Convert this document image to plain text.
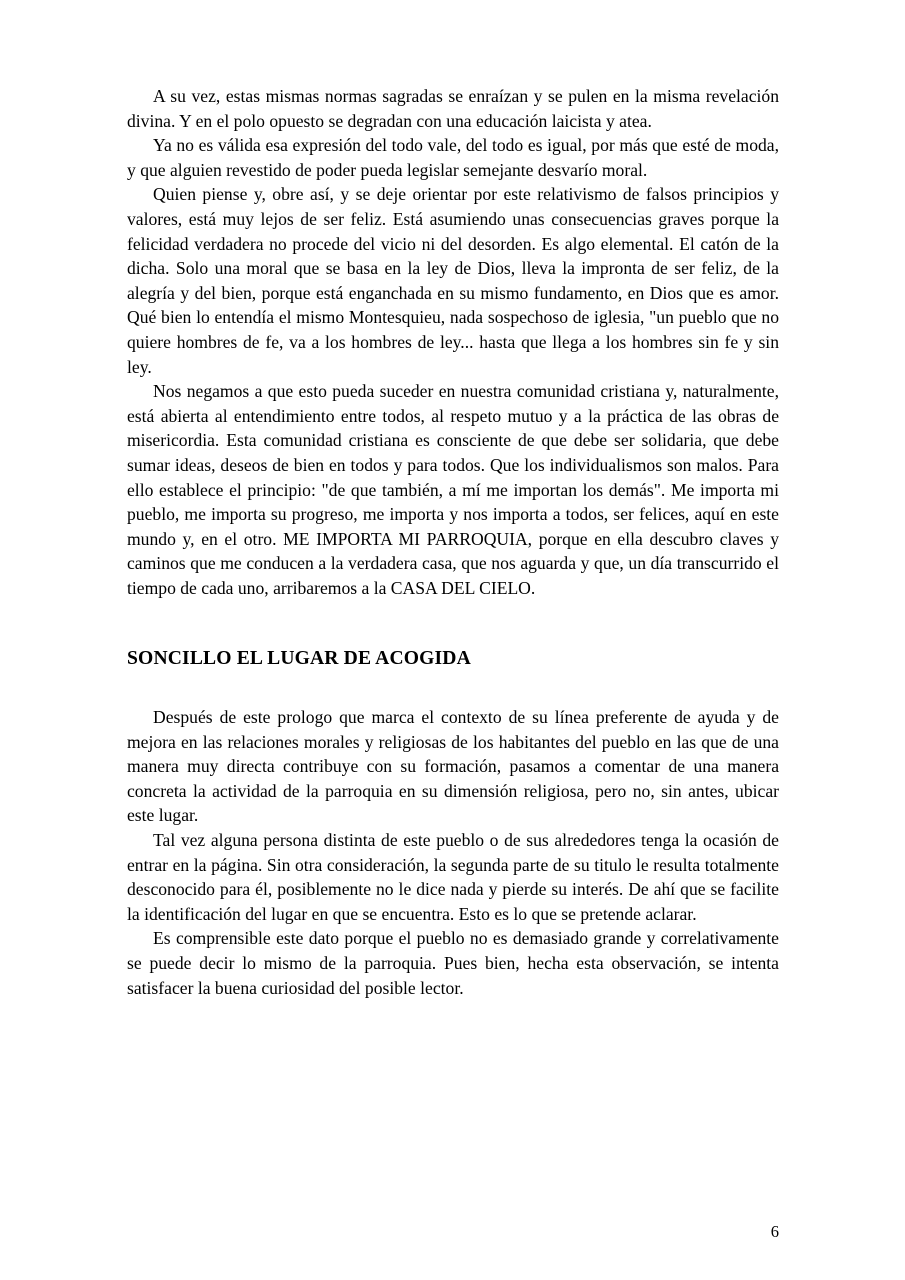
A su vez, estas mismas normas sagradas se enraízan y se pulen en la misma revelación divina. Y en el polo opuesto se degradan con una educación laicista y atea.

Ya no es válida esa expresión del todo vale, del todo es igual, por más que esté de moda, y que alguien revestido de poder pueda legislar semejante desvarío moral.

Quien piense y, obre así, y se deje orientar por este relativismo de falsos principios y valores, está muy lejos de ser feliz. Está asumiendo unas consecuencias graves porque la felicidad verdadera no procede del vicio ni del desorden. Es algo elemental. El catón de la dicha. Solo una moral que se basa en la ley de Dios, lleva la impronta de ser feliz, de la alegría y del bien, porque está enganchada en su mismo fundamento, en Dios que es amor. Qué bien lo entendía el mismo Montesquieu, nada sospechoso de iglesia, "un pueblo que no quiere hombres de fe, va a los hombres de ley... hasta que llega a los hombres sin fe y sin ley.

Nos negamos a que esto pueda suceder en nuestra comunidad cristiana y, naturalmente, está abierta al entendimiento entre todos, al respeto mutuo y a la práctica de las obras de misericordia. Esta comunidad cristiana es consciente de que debe ser solidaria, que debe sumar ideas, deseos de bien en todos y para todos. Que los individualismos son malos. Para ello establece el principio: "de que también, a mí me importan los demás". Me importa mi pueblo, me importa su progreso, me importa y nos importa a todos, ser felices, aquí en este mundo y, en el otro. ME IMPORTA MI PARROQUIA, porque en ella descubro claves y caminos que me conducen a la verdadera casa, que nos aguarda y que, un día transcurrido el tiempo de cada uno, arribaremos a la CASA DEL CIELO.

SONCILLO EL LUGAR DE ACOGIDA

Después de este prologo que marca el contexto de su línea preferente de ayuda y de mejora en las relaciones morales y religiosas de los habitantes del pueblo en las que de una manera muy directa contribuye con su formación, pasamos a comentar de una manera concreta la actividad de la parroquia en su dimensión religiosa, pero no, sin antes, ubicar este lugar.

Tal vez alguna persona distinta de este pueblo o de sus alrededores tenga la ocasión de entrar en la página. Sin otra consideración, la segunda parte de su titulo le resulta totalmente desconocido para él, posiblemente no le dice nada y pierde su interés. De ahí que se facilite la identificación del lugar en que se encuentra. Esto es lo que se pretende aclarar.

Es comprensible este dato porque el pueblo no es demasiado grande y correlativamente se puede decir lo mismo de la parroquia. Pues bien, hecha esta observación, se intenta satisfacer la buena curiosidad del posible lector.

6
